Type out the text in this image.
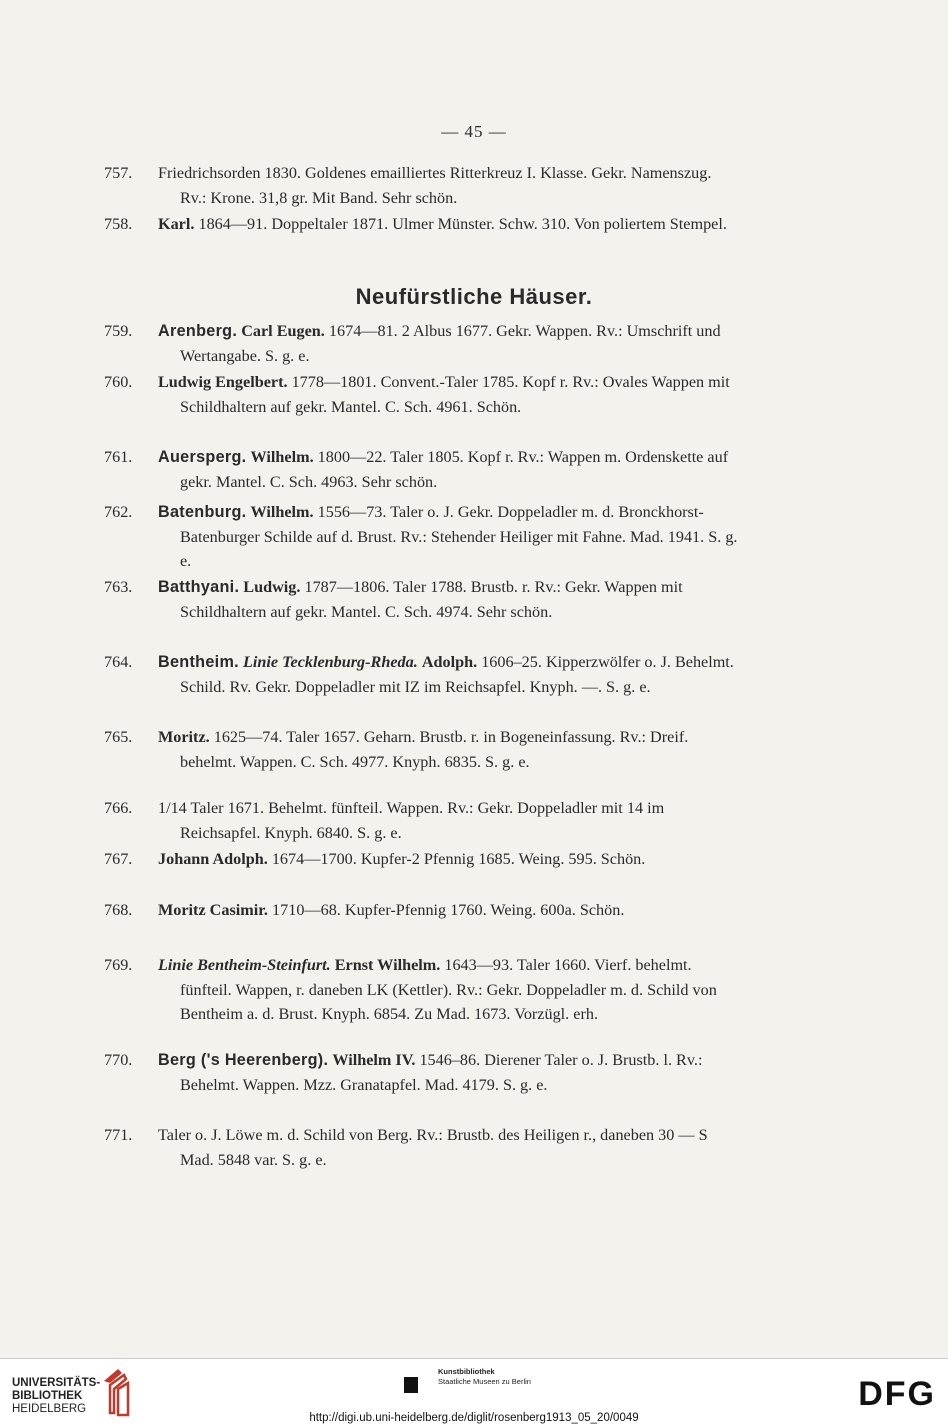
— 45 —
757. Friedrichsorden 1830. Goldenes emailliertes Ritterkreuz I. Klasse. Gekr. Namenszug. Rv.: Krone. 31,8 gr. Mit Band. Sehr schön.
758. Karl. 1864—91. Doppeltaler 1871. Ulmer Münster. Schw. 310. Von poliertem Stempel.
Neufürstliche Häuser.
759. Arenberg. Carl Eugen. 1674—81. 2 Albus 1677. Gekr. Wappen. Rv.: Umschrift und Wertangabe. S. g. e.
760. Ludwig Engelbert. 1778—1801. Convent.-Taler 1785. Kopf r. Rv.: Ovales Wappen mit Schildhaltern auf gekr. Mantel. C. Sch. 4961. Schön.
761. Auersperg. Wilhelm. 1800—22. Taler 1805. Kopf r. Rv.: Wappen m. Ordenskette auf gekr. Mantel. C. Sch. 4963. Sehr schön.
762. Batenburg. Wilhelm. 1556—73. Taler o. J. Gekr. Doppeladler m. d. Bronckhorst-Batenburger Schilde auf d. Brust. Rv.: Stehender Heiliger mit Fahne. Mad. 1941. S. g. e.
763. Batthyani. Ludwig. 1787—1806. Taler 1788. Brustb. r. Rv.: Gekr. Wappen mit Schildhaltern auf gekr. Mantel. C. Sch. 4974. Sehr schön.
764. Bentheim. Linie Tecklenburg-Rheda. Adolph. 1606–25. Kipperzwölfer o. J. Behelmt. Schild. Rv. Gekr. Doppeladler mit IZ im Reichsapfel. Knyph. —. S. g. e.
765. Moritz. 1625—74. Taler 1657. Geharn. Brustb. r. in Bogeneinfassung. Rv.: Dreif. behelmt. Wappen. C. Sch. 4977. Knyph. 6835. S. g. e.
766. 1/14 Taler 1671. Behelmt. fünfteil. Wappen. Rv.: Gekr. Doppeladler mit 14 im Reichsapfel. Knyph. 6840. S. g. e.
767. Johann Adolph. 1674—1700. Kupfer-2 Pfennig 1685. Weing. 595. Schön.
768. Moritz Casimir. 1710—68. Kupfer-Pfennig 1760. Weing. 600a. Schön.
769. Linie Bentheim-Steinfurt. Ernst Wilhelm. 1643—93. Taler 1660. Vierf. behelmt. fünfteil. Wappen, r. daneben LK (Kettler). Rv.: Gekr. Doppeladler m. d. Schild von Bentheim a. d. Brust. Knyph. 6854. Zu Mad. 1673. Vorzügl. erh.
770. Berg ('s Heerenberg). Wilhelm IV. 1546–86. Dierener Taler o. J. Brustb. l. Rv.: Behelmt. Wappen. Mzz. Granatapfel. Mad. 4179. S. g. e.
771. Taler o. J. Löwe m. d. Schild von Berg. Rv.: Brustb. des Heiligen r., daneben 30 — S Mad. 5848 var. S. g. e.
UNIVERSITÄTS-
BIBLIOTHEK
HEIDELBERG
Kunstbibliothek
Staatliche Museen zu Berlin	DFG
http://digi.ub.uni-heidelberg.de/diglit/rosenberg1913_05_20/0049
